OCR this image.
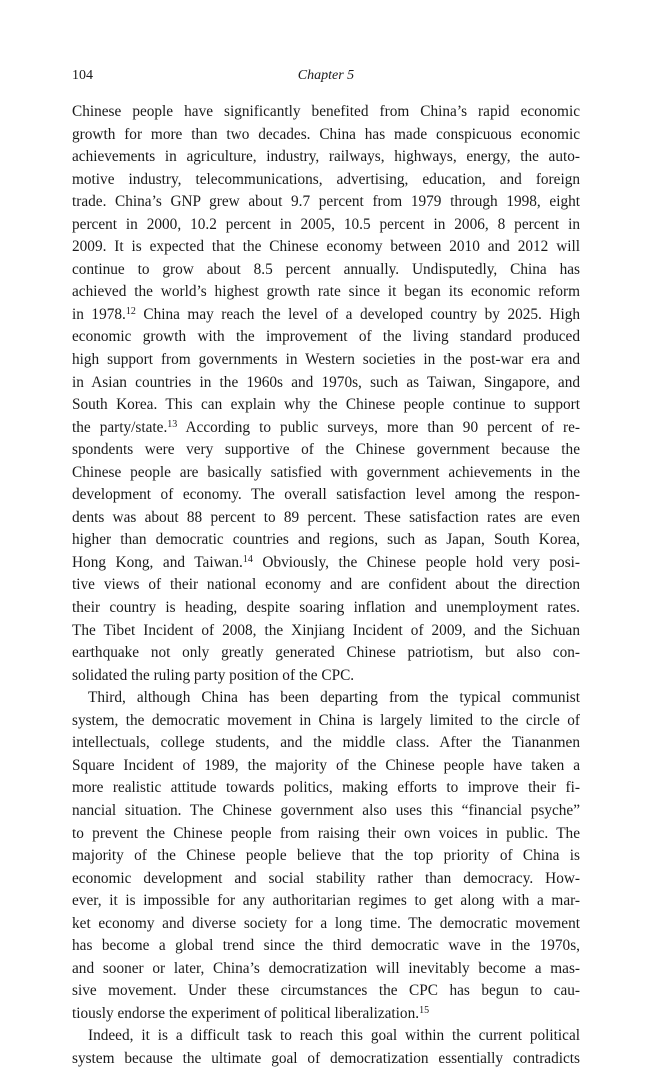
104	Chapter 5
Chinese people have significantly benefited from China’s rapid economic
growth for more than two decades. China has made conspicuous economic
achievements in agriculture, industry, railways, highways, energy, the auto-
motive industry, telecommunications, advertising, education, and foreign
trade. China’s GNP grew about 9.7 percent from 1979 through 1998, eight
percent in 2000, 10.2 percent in 2005, 10.5 percent in 2006, 8 percent in
2009. It is expected that the Chinese economy between 2010 and 2012 will
continue to grow about 8.5 percent annually. Undisputedly, China has
achieved the world’s highest growth rate since it began its economic reform
in 1978.12 China may reach the level of a developed country by 2025. High
economic growth with the improvement of the living standard produced
high support from governments in Western societies in the post-war era and
in Asian countries in the 1960s and 1970s, such as Taiwan, Singapore, and
South Korea. This can explain why the Chinese people continue to support
the party/state.$^{13}$ According to public surveys, more than 90 percent of re-
spondents were very supportive of the Chinese government because the
Chinese people are basically satisfied with government achievements in the
development of economy. The overall satisfaction level among the respon-
dents was about 88 percent to 89 percent. These satisfaction rates are even
higher than democratic countries and regions, such as Japan, South Korea,
Hong Kong, and Taiwan.$^{14}$ Obviously, the Chinese people hold very posi-
tive views of their national economy and are confident about the direction
their country is heading, despite soaring inflation and unemployment rates.
The Tibet Incident of 2008, the Xinjiang Incident of 2009, and the Sichuan
earthquake not only greatly generated Chinese patriotism, but also con-
solidated the ruling party position of the CPC.
Third, although China has been departing from the typical communist
system, the democratic movement in China is largely limited to the circle of
intellectuals, college students, and the middle class. After the Tiananmen
Square Incident of 1989, the majority of the Chinese people have taken a
more realistic attitude towards politics, making efforts to improve their fi-
nancial situation. The Chinese government also uses this “financial psyche”
to prevent the Chinese people from raising their own voices in public. The
majority of the Chinese people believe that the top priority of China is
economic development and social stability rather than democracy. How-
ever, it is impossible for any authoritarian regimes to get along with a mar-
ket economy and diverse society for a long time. The democratic movement
has become a global trend since the third democratic wave in the 1970s,
and sooner or later, China’s democratization will inevitably become a mas-
sive movement. Under these circumstances the CPC has begun to cau-
tiously endorse the experiment of political liberalization.$^{15}$
Indeed, it is a difficult task to reach this goal within the current political
system because the ultimate goal of democratization essentially contradicts
